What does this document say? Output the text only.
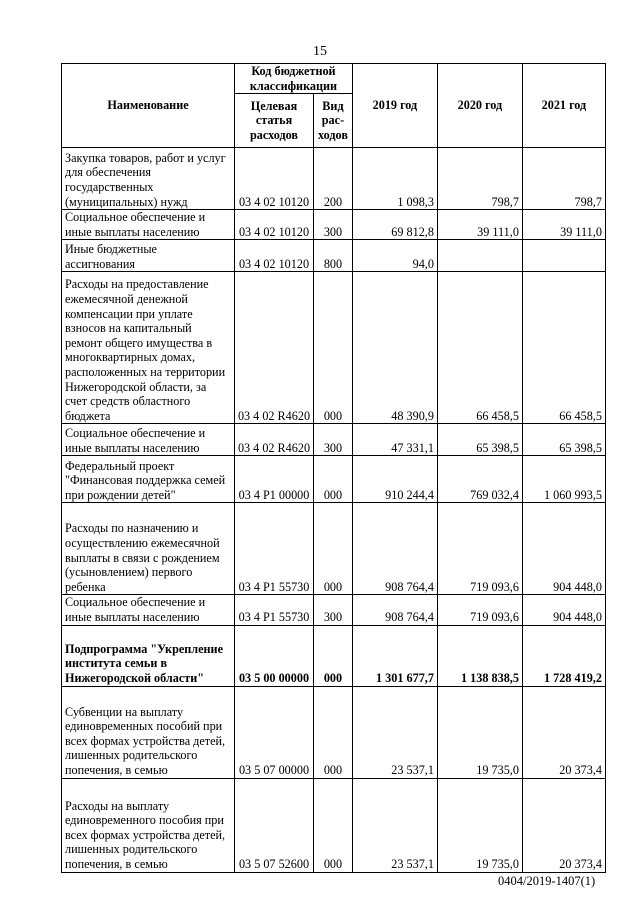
15
Наименование	Код бюджетной классификации		2019 год	2020 год	2021 год
	Целевая статья расходов	Вид рас-ходов			
Закупка товаров, работ и услуг для обеспечения государственных (муниципальных) нужд	03 4 02 10120	200	1 098,3	798,7	798,7
Социальное обеспечение и иные выплаты населению	03 4 02 10120	300	69 812,8	39 111,0	39 111,0
Иные бюджетные ассигнования	03 4 02 10120	800	94,0		
Расходы на предоставление ежемесячной денежной компенсации при уплате взносов на капитальный ремонт общего имущества в многоквартирных домах, расположенных на территории Нижегородской области, за счет средств областного бюджета	03 4 02 R4620	000	48 390,9	66 458,5	66 458,5
Социальное обеспечение и иные выплаты населению	03 4 02 R4620	300	47 331,1	65 398,5	65 398,5
Федеральный проект "Финансовая поддержка семей при рождении детей"	03 4 P1 00000	000	910 244,4	769 032,4	1 060 993,5
Расходы по назначению и осуществлению ежемесячной выплаты в связи с рождением (усыновлением) первого ребенка	03 4 P1 55730	000	908 764,4	719 093,6	904 448,0
Социальное обеспечение и иные выплаты населению	03 4 P1 55730	300	908 764,4	719 093,6	904 448,0
Подпрограмма "Укрепление института семьи в Нижегородской области"	03 5 00 00000	000	1 301 677,7	1 138 838,5	1 728 419,2
Субвенции на выплату единовременных пособий при всех формах устройства детей, лишенных родительского попечения, в семью	03 5 07 00000	000	23 537,1	19 735,0	20 373,4
Расходы на выплату единовременного пособия при всех формах устройства детей, лишенных родительского попечения, в семью	03 5 07 52600	000	23 537,1	19 735,0	20 373,4
0404/2019-1407(1)
